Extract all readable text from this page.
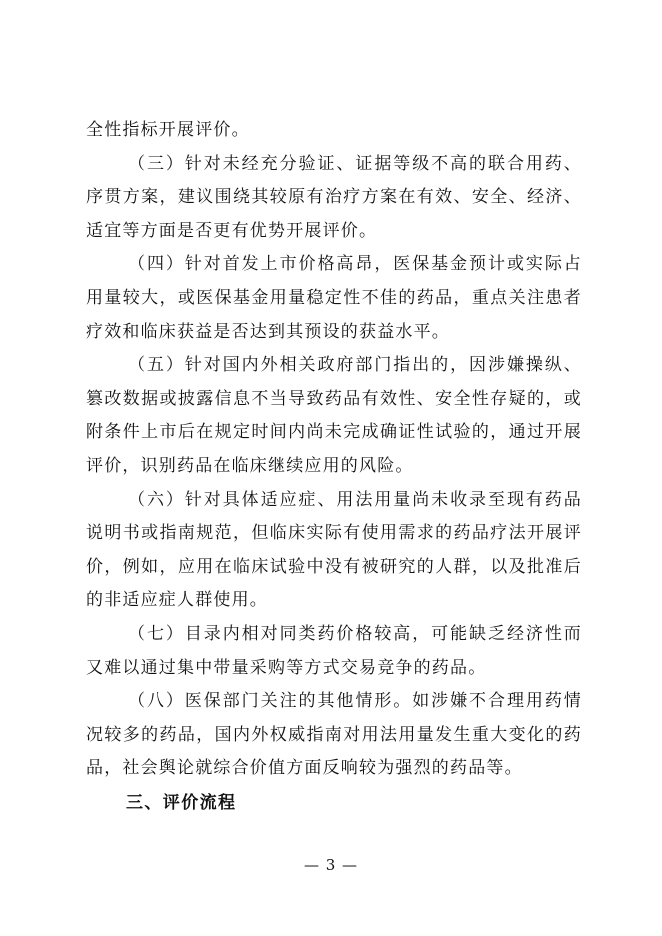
全性指标开展评价。

（三）针对未经充分验证、证据等级不高的联合用药、序贯方案，建议围绕其较原有治疗方案在有效、安全、经济、适宜等方面是否更有优势开展评价。

（四）针对首发上市价格高昂，医保基金预计或实际占用量较大，或医保基金用量稳定性不佳的药品，重点关注患者疗效和临床获益是否达到其预设的获益水平。

（五）针对国内外相关政府部门指出的，因涉嫌操纵、篡改数据或披露信息不当导致药品有效性、安全性存疑的，或附条件上市后在规定时间内尚未完成确证性试验的，通过开展评价，识别药品在临床继续应用的风险。

（六）针对具体适应症、用法用量尚未收录至现有药品说明书或指南规范，但临床实际有使用需求的药品疗法开展评价，例如，应用在临床试验中没有被研究的人群，以及批准后的非适应症人群使用。

（七）目录内相对同类药价格较高，可能缺乏经济性而又难以通过集中带量采购等方式交易竞争的药品。

（八）医保部门关注的其他情形。如涉嫌不合理用药情况较多的药品，国内外权威指南对用法用量发生重大变化的药品，社会舆论就综合价值方面反响较为强烈的药品等。

三、评价流程

— 3 —
